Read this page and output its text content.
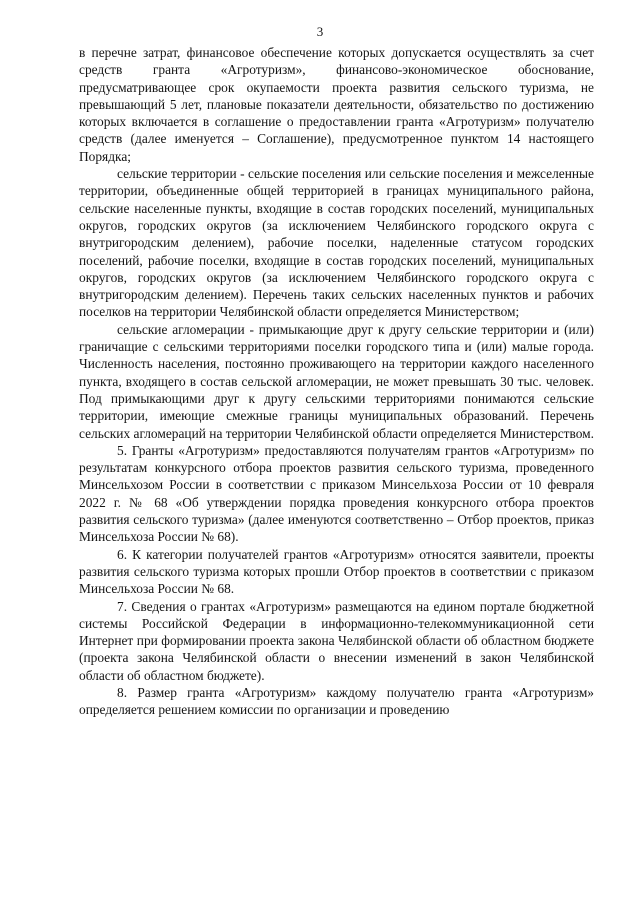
3

в перечне затрат, финансовое обеспечение которых допускается осуществлять за счет средств гранта «Агротуризм», финансово-экономическое обоснование, предусматривающее срок окупаемости проекта развития сельского туризма, не превышающий 5 лет, плановые показатели деятельности, обязательство по достижению которых включается в соглашение о предоставлении гранта «Агротуризм» получателю средств (далее именуется – Соглашение), предусмотренное пунктом 14 настоящего Порядка;

сельские территории - сельские поселения или сельские поселения и межселенные территории, объединенные общей территорией в границах муниципального района, сельские населенные пункты, входящие в состав городских поселений, муниципальных округов, городских округов (за исключением Челябинского городского округа с внутригородским делением), рабочие поселки, наделенные статусом городских поселений, рабочие поселки, входящие в состав городских поселений, муниципальных округов, городских округов (за исключением Челябинского городского округа с внутригородским делением). Перечень таких сельских населенных пунктов и рабочих поселков на территории Челябинской области определяется Министерством;

сельские агломерации - примыкающие друг к другу сельские территории и (или) граничащие с сельскими территориями поселки городского типа и (или) малые города. Численность населения, постоянно проживающего на территории каждого населенного пункта, входящего в состав сельской агломерации, не может превышать 30 тыс. человек. Под примыкающими друг к другу сельскими территориями понимаются сельские территории, имеющие смежные границы муниципальных образований. Перечень сельских агломераций на территории Челябинской области определяется Министерством.

5. Гранты «Агротуризм» предоставляются получателям грантов «Агротуризм» по результатам конкурсного отбора проектов развития сельского туризма, проведенного Минсельхозом России в соответствии с приказом Минсельхоза России от 10 февраля 2022 г. № 68 «Об утверждении порядка проведения конкурсного отбора проектов развития сельского туризма» (далее именуются соответственно – Отбор проектов, приказ Минсельхоза России № 68).

6. К категории получателей грантов «Агротуризм» относятся заявители, проекты развития сельского туризма которых прошли Отбор проектов в соответствии с приказом Минсельхоза России № 68.

7. Сведения о грантах «Агротуризм» размещаются на едином портале бюджетной системы Российской Федерации в информационно-телекоммуникационной сети Интернет при формировании проекта закона Челябинской области об областном бюджете (проекта закона Челябинской области о внесении изменений в закон Челябинской области об областном бюджете).

8. Размер гранта «Агротуризм» каждому получателю гранта «Агротуризм» определяется решением комиссии по организации и проведению
